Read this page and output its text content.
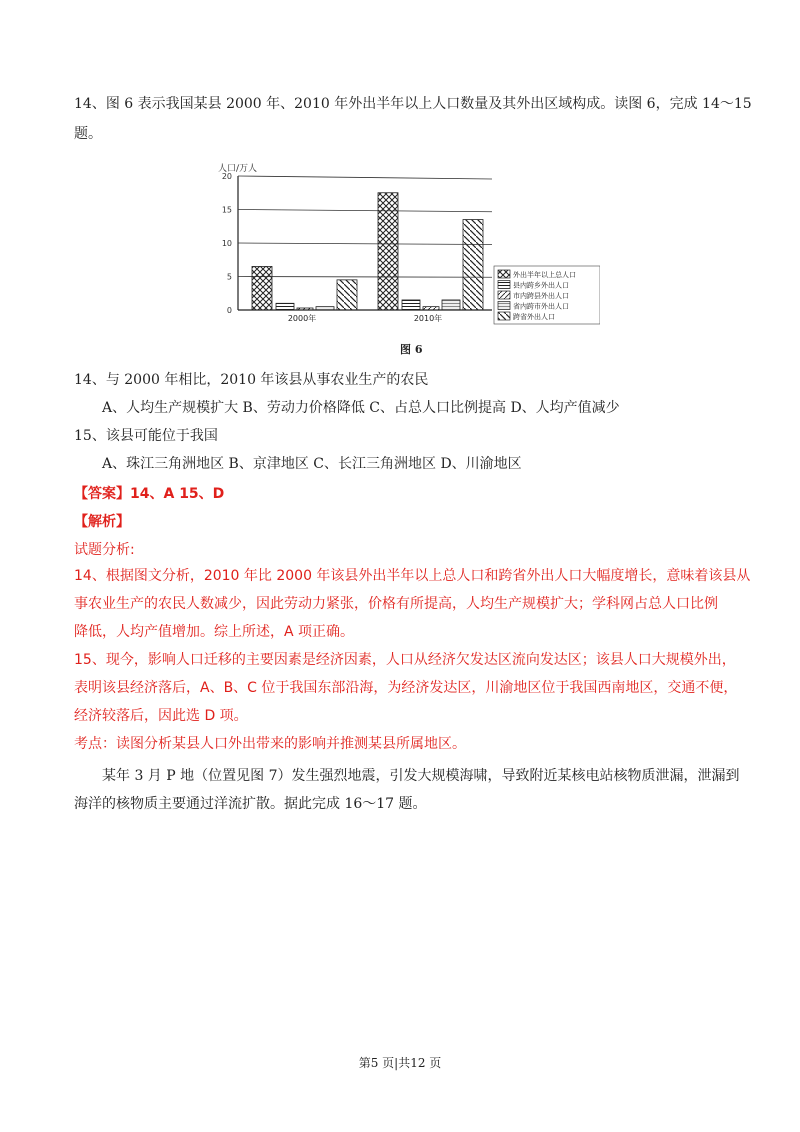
14、图 6 表示我国某县 2000 年、2010 年外出半年以上人口数量及其外出区域构成。读图 6，完成 14～15
题。
人口/万人
0
5
10
15
20
2000年	2010年
外出半年以上总人口
县内跨乡外出人口
市内跨县外出人口
省内跨市外出人口
跨省外出人口
图 6
14、与 2000 年相比，2010 年该县从事农业生产的农民
A、人均生产规模扩大 B、劳动力价格降低 C、占总人口比例提高 D、人均产值减少
15、该县可能位于我国
A、珠江三角洲地区 B、京津地区 C、长江三角洲地区 D、川渝地区
【答案】14、A 15、D
【解析】
试题分析:
14、根据图文分析，2010 年比 2000 年该县外出半年以上总人口和跨省外出人口大幅度增长，意味着该县从
事农业生产的农民人数减少，因此劳动力紧张，价格有所提高，人均生产规模扩大；学科网占总人口比例
降低，人均产值增加。综上所述，A 项正确。
15、现今，影响人口迁移的主要因素是经济因素，人口从经济欠发达区流向发达区；该县人口大规模外出，
表明该县经济落后，A、B、C 位于我国东部沿海，为经济发达区，川渝地区位于我国西南地区，交通不便，
经济较落后，因此选 D 项。
考点：读图分析某县人口外出带来的影响并推测某县所属地区。
某年 3 月 P 地（位置见图 7）发生强烈地震，引发大规模海啸，导致附近某核电站核物质泄漏，泄漏到
海洋的核物质主要通过洋流扩散。据此完成 16～17 题。
第5 页|共12 页
